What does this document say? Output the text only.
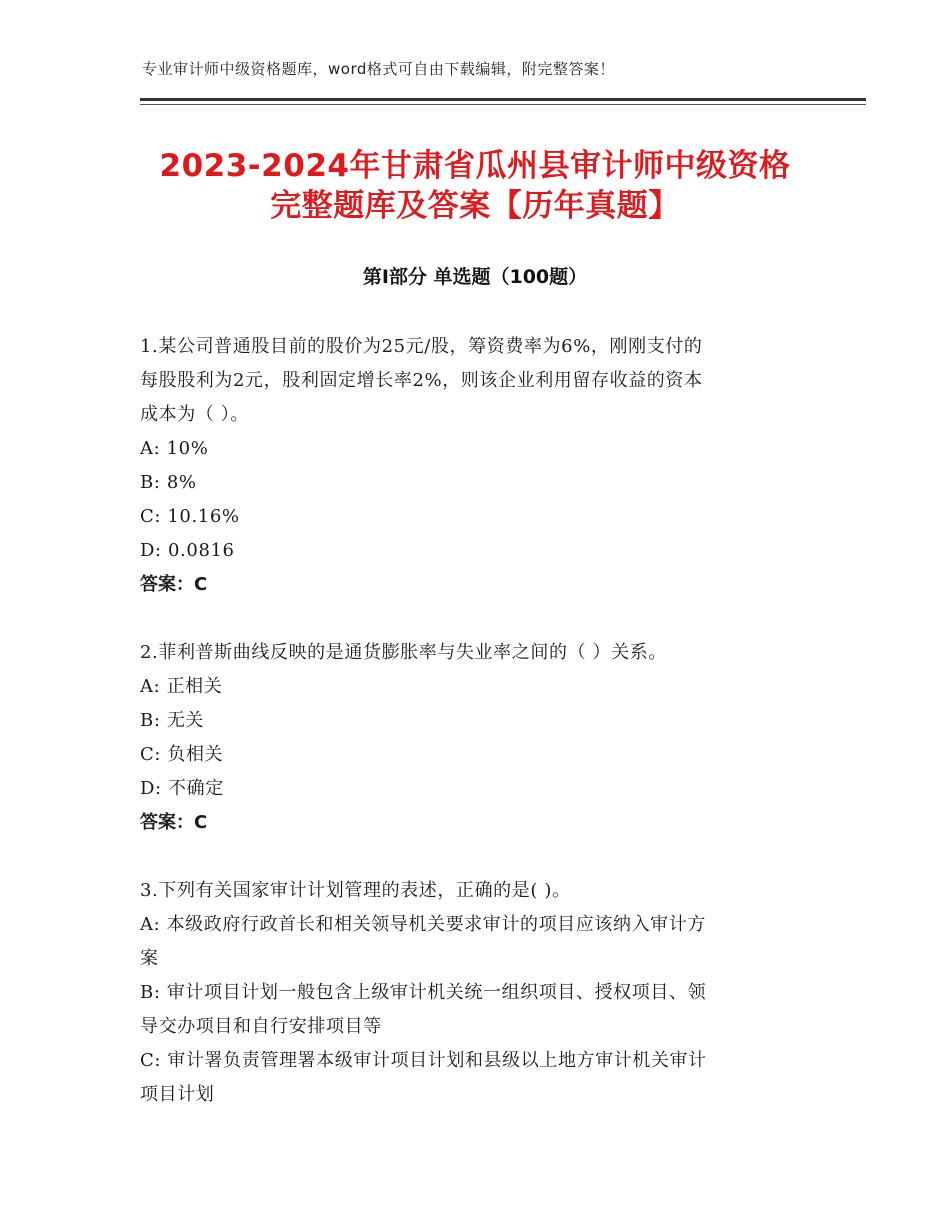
专业审计师中级资格题库，word格式可自由下载编辑，附完整答案！
2023-2024年甘肃省瓜州县审计师中级资格
完整题库及答案【历年真题】
第Ⅰ部分 单选题（100题）
1.某公司普通股目前的股价为25元/股，筹资费率为6%，刚刚支付的
每股股利为2元，股利固定增长率2%，则该企业利用留存收益的资本
成本为（ ）。
A: 10%
B: 8%
C: 10.16%
D: 0.0816
答案：C
2.菲利普斯曲线反映的是通货膨胀率与失业率之间的（ ）关系。
A: 正相关
B: 无关
C: 负相关
D: 不确定
答案：C
3.下列有关国家审计计划管理的表述，正确的是( )。
A: 本级政府行政首长和相关领导机关要求审计的项目应该纳入审计方
案
B: 审计项目计划一般包含上级审计机关统一组织项目、授权项目、领
导交办项目和自行安排项目等
C: 审计署负责管理署本级审计项目计划和县级以上地方审计机关审计
项目计划
